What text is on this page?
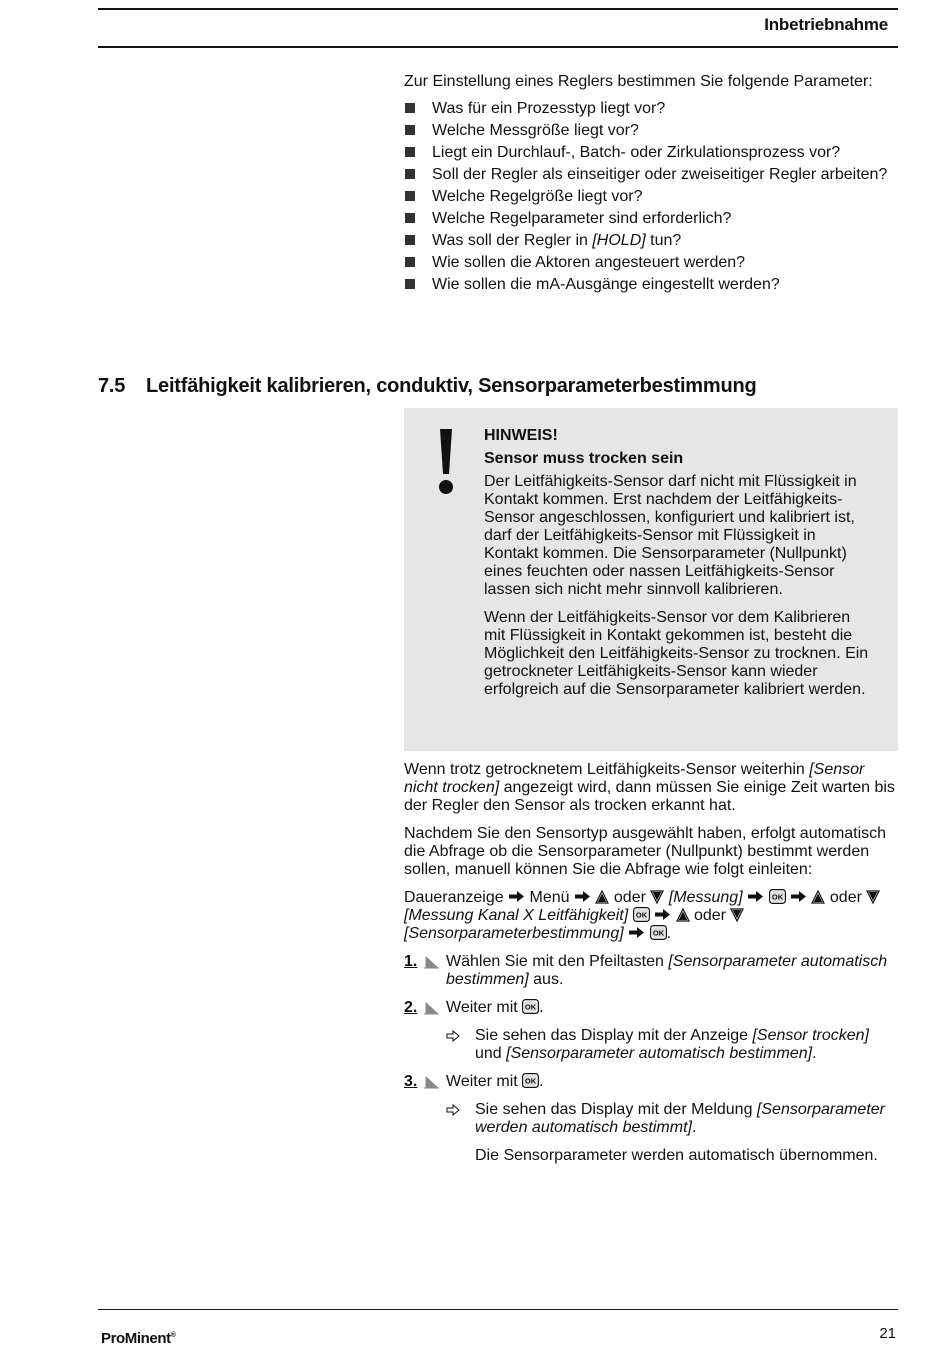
Inbetriebnahme

Zur Einstellung eines Reglers bestimmen Sie folgende Parameter:

Was für ein Prozesstyp liegt vor?
Welche Messgröße liegt vor?
Liegt ein Durchlauf-, Batch- oder Zirkulationsprozess vor?
Soll der Regler als einseitiger oder zweiseitiger Regler arbeiten?
Welche Regelgröße liegt vor?
Welche Regelparameter sind erforderlich?
Was soll der Regler in [HOLD] tun?
Wie sollen die Aktoren angesteuert werden?
Wie sollen die mA-Ausgänge eingestellt werden?
7.5 Leitfähigkeit kalibrieren, conduktiv, Sensorparameterbestimmung
HINWEIS!
Sensor muss trocken sein

Der Leitfähigkeits-Sensor darf nicht mit Flüssigkeit in Kontakt kommen. Erst nachdem der Leitfähigkeits-Sensor angeschlossen, konfiguriert und kalibriert ist, darf der Leitfähigkeits-Sensor mit Flüssigkeit in Kontakt kommen. Die Sensorparameter (Nullpunkt) eines feuchten oder nassen Leitfähigkeits-Sensor lassen sich nicht mehr sinnvoll kalibrieren.

Wenn der Leitfähigkeits-Sensor vor dem Kalibrieren mit Flüssigkeit in Kontakt gekommen ist, besteht die Möglichkeit den Leitfähigkeits-Sensor zu trocknen. Ein getrockneter Leitfähigkeits-Sensor kann wieder erfolgreich auf die Sensorparameter kalibriert werden.

Wenn trotz getrocknetem Leitfähigkeits-Sensor weiterhin [Sensor nicht trocken] angezeigt wird, dann müssen Sie einige Zeit warten bis der Regler den Sensor als trocken erkannt hat.

Nachdem Sie den Sensortyp ausgewählt haben, erfolgt automatisch die Abfrage ob die Sensorparameter (Nullpunkt) bestimmt werden sollen, manuell können Sie die Abfrage wie folgt einleiten:

Daueranzeige  Menü   oder  [Messung]	oder  [Messung Kanal X Leitfähigkeit]	oder  [Sensorparameterbestimmung]	.

1. Wählen Sie mit den Pfeiltasten [Sensorparameter automatisch bestimmen] aus.
2. Weiter mit .
Sie sehen das Display mit der Anzeige [Sensor trocken] und [Sensorparameter automatisch bestimmen].
3. Weiter mit .
Sie sehen das Display mit der Meldung [Sensorparameter werden automatisch bestimmt].
Die Sensorparameter werden automatisch übernommen.
ProMinent®	21
